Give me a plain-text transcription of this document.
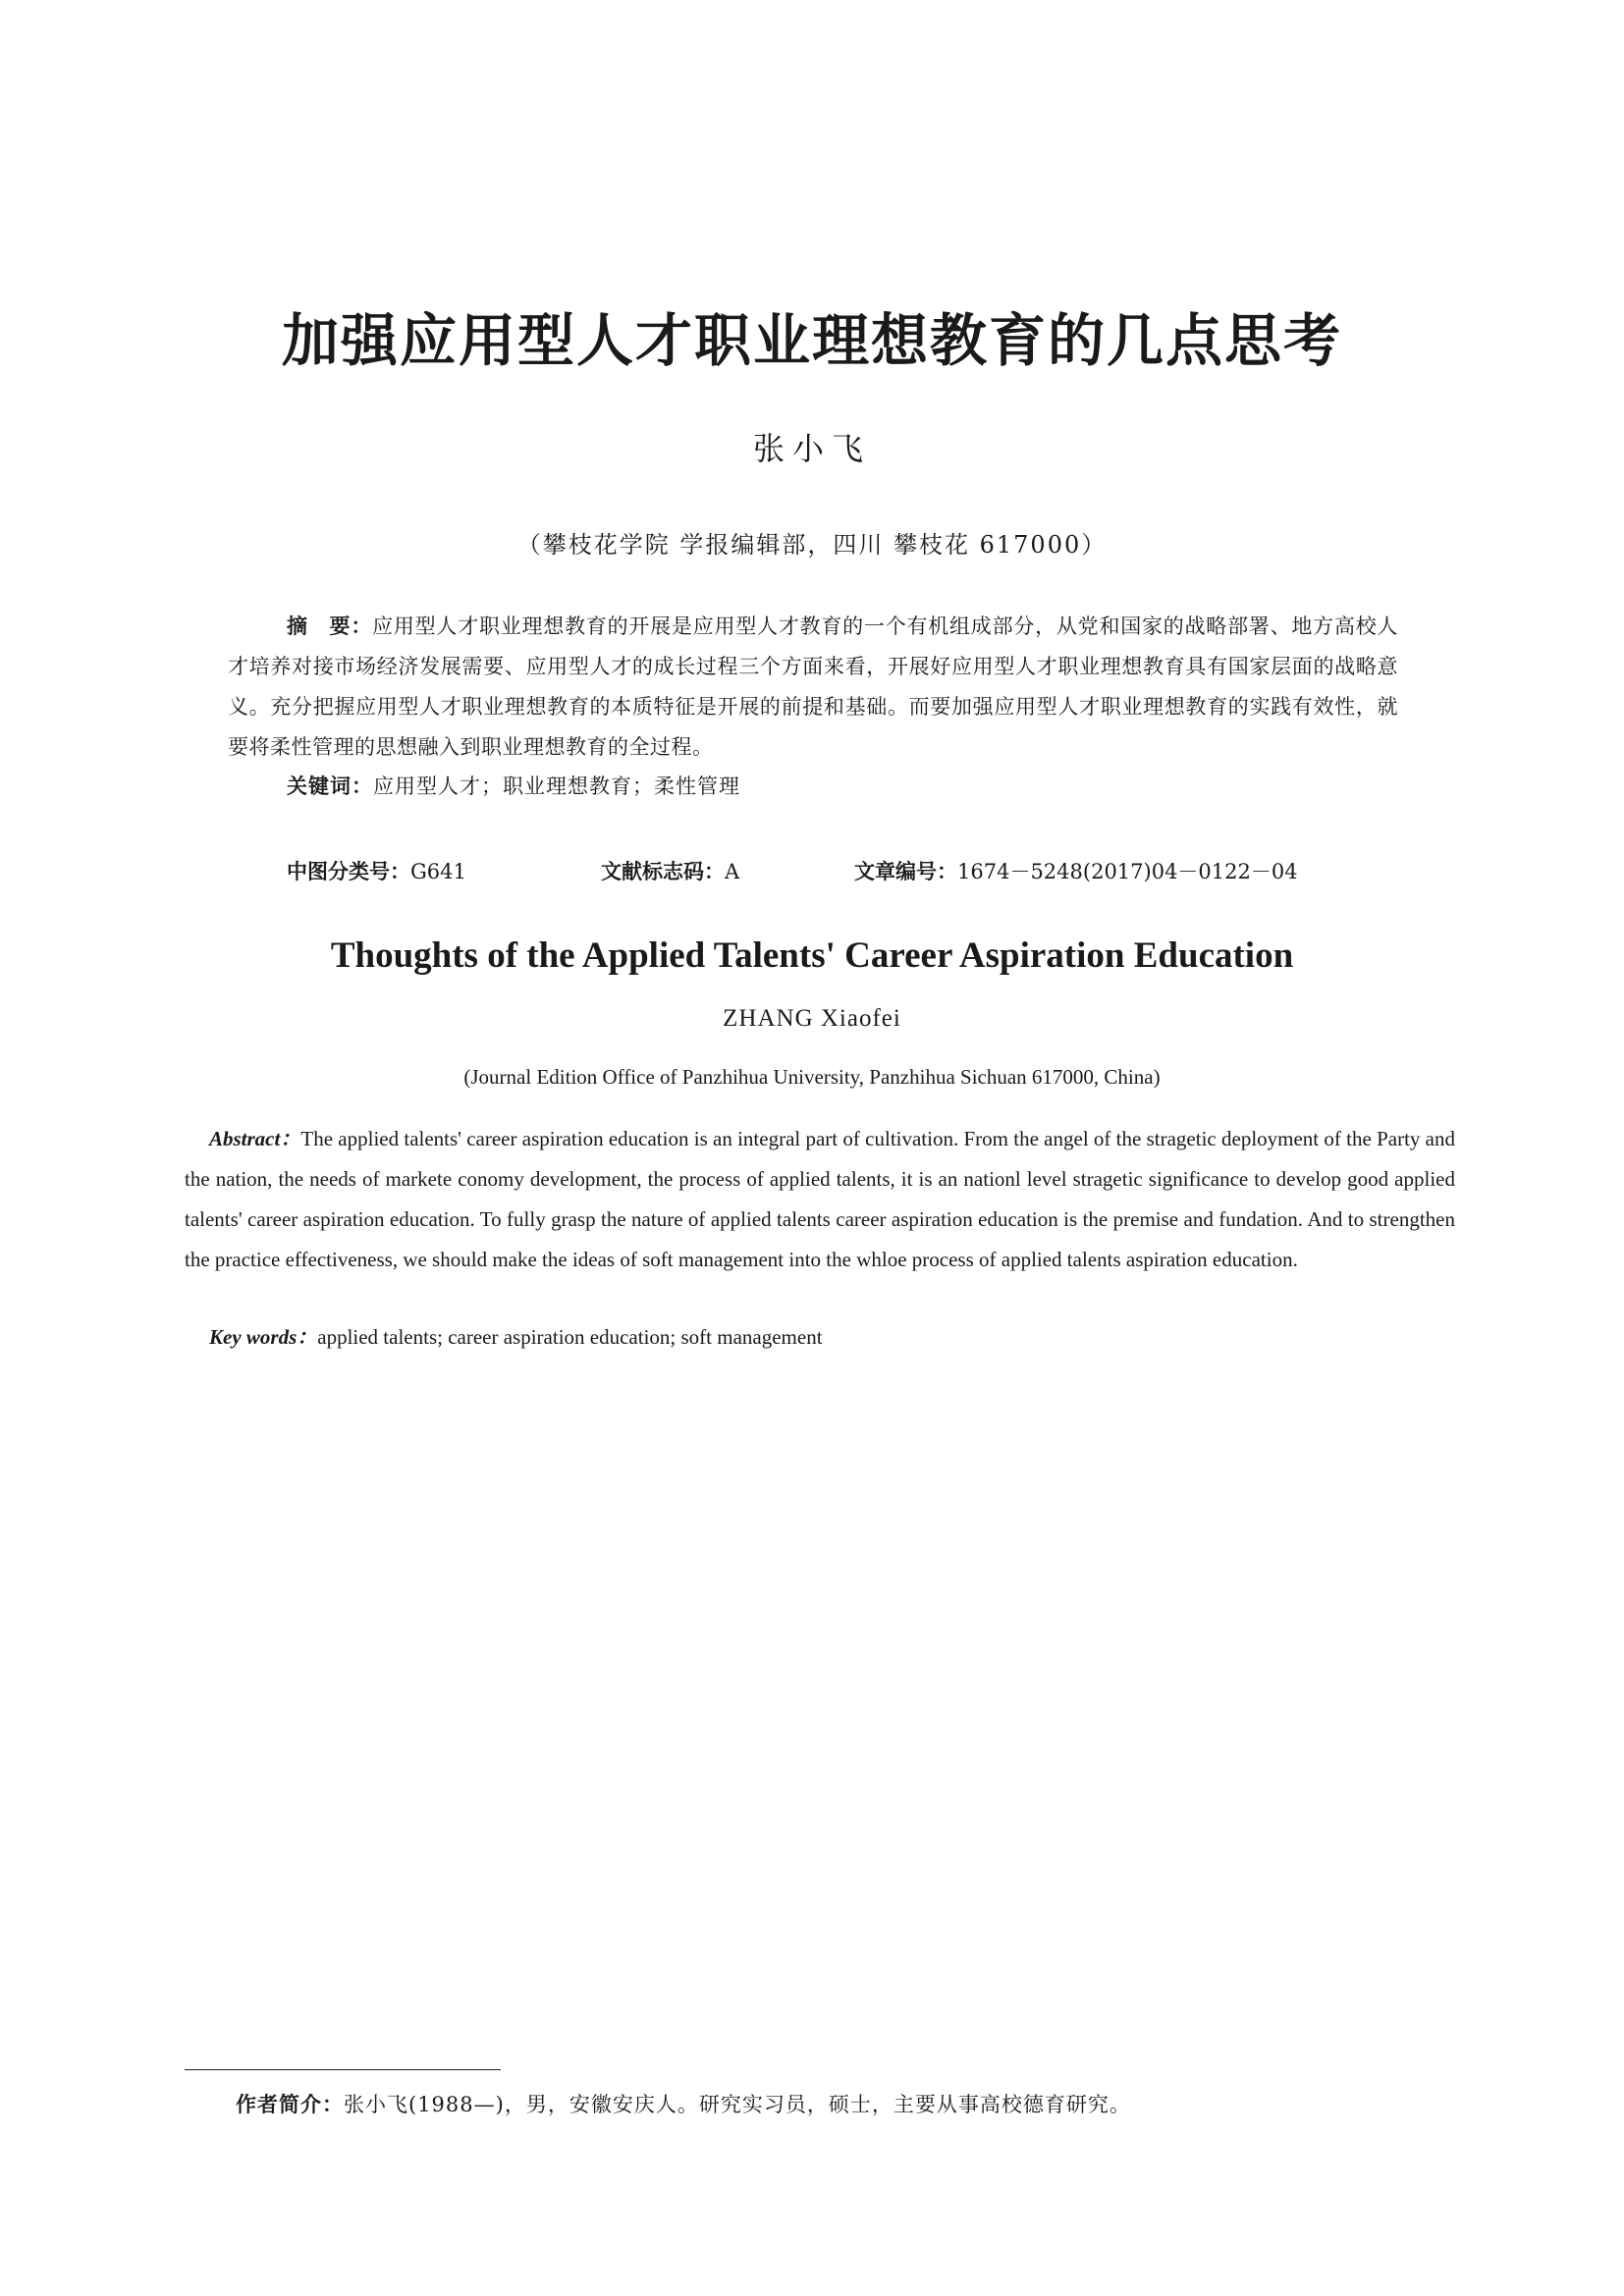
加强应用型人才职业理想教育的几点思考
张小飞
（攀枝花学院 学报编辑部，四川 攀枝花 617000）
摘　要：应用型人才职业理想教育的开展是应用型人才教育的一个有机组成部分，从党和国家的战略部署、地方高校人才培养对接市场经济发展需要、应用型人才的成长过程三个方面来看，开展好应用型人才职业理想教育具有国家层面的战略意义。充分把握应用型人才职业理想教育的本质特征是开展的前提和基础。而要加强应用型人才职业理想教育的实践有效性，就要将柔性管理的思想融入到职业理想教育的全过程。
关键词：应用型人才；职业理想教育；柔性管理
中图分类号：G641	文献标志码：A	文章编号：1674－5248(2017)04－0122－04
Thoughts of the Applied Talents' Career Aspiration Education
ZHANG Xiaofei
(Journal Edition Office of Panzhihua University, Panzhihua Sichuan 617000, China)
Abstract：The applied talents' career aspiration education is an integral part of cultivation. From the angel of the stragetic deployment of the Party and the nation, the needs of markete conomy development, the process of applied talents, it is an nationl level stragetic significance to develop good applied talents' career aspiration education. To fully grasp the nature of applied talents career aspiration education is the premise and fundation. And to strengthen the practice effectiveness, we should make the ideas of soft management into the whloe process of applied talents aspiration education.
Key words：applied talents; career aspiration education; soft management
作者简介：张小飞(1988—)，男，安徽安庆人。研究实习员，硕士，主要从事高校德育研究。
